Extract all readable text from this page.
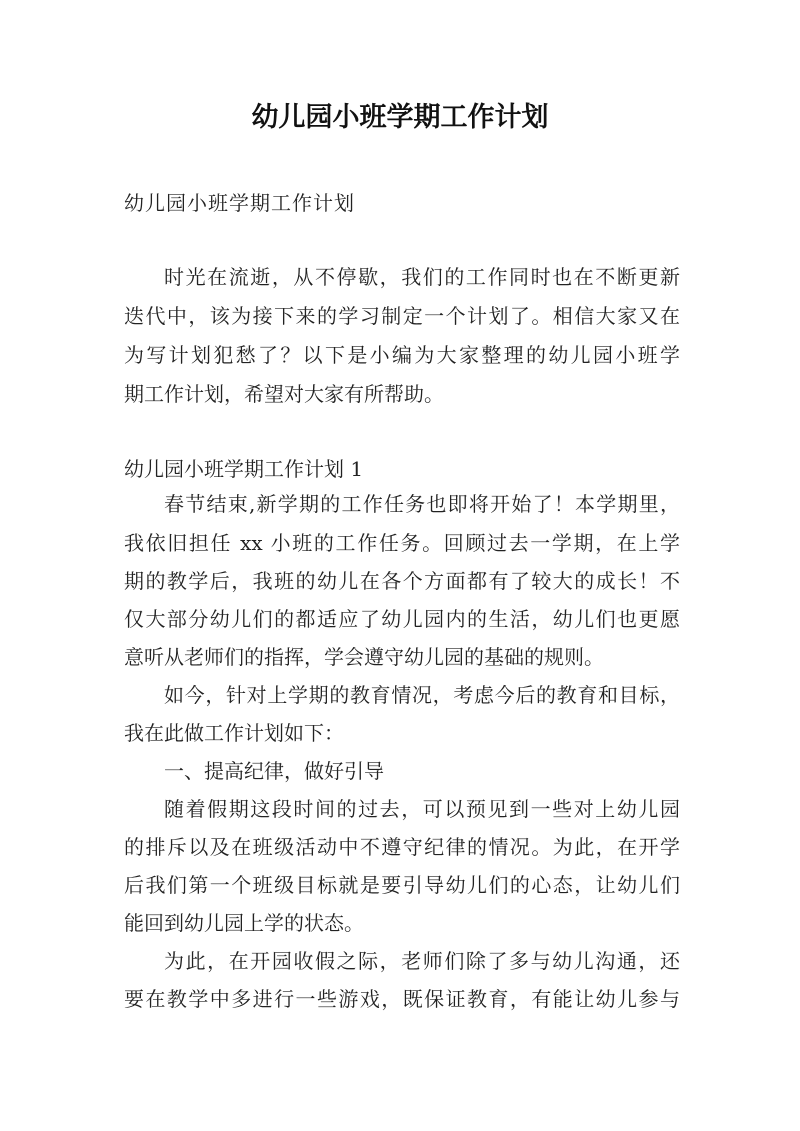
幼儿园小班学期工作计划

幼儿园小班学期工作计划

时光在流逝，从不停歇，我们的工作同时也在不断更新

迭代中，该为接下来的学习制定一个计划了。相信大家又在

为写计划犯愁了？以下是小编为大家整理的幼儿园小班学

期工作计划，希望对大家有所帮助。

幼儿园小班学期工作计划 1

春节结束,新学期的工作任务也即将开始了！本学期里，

我依旧担任 xx 小班的工作任务。回顾过去一学期，在上学

期的教学后，我班的幼儿在各个方面都有了较大的成长！不

仅大部分幼儿们的都适应了幼儿园内的生活，幼儿们也更愿

意听从老师们的指挥，学会遵守幼儿园的基础的规则。

如今，针对上学期的教育情况，考虑今后的教育和目标，

我在此做工作计划如下：

一、提高纪律，做好引导

随着假期这段时间的过去，可以预见到一些对上幼儿园

的排斥以及在班级活动中不遵守纪律的情况。为此，在开学

后我们第一个班级目标就是要引导幼儿们的心态，让幼儿们

能回到幼儿园上学的状态。

为此，在开园收假之际，老师们除了多与幼儿沟通，还

要在教学中多进行一些游戏，既保证教育，有能让幼儿参与
